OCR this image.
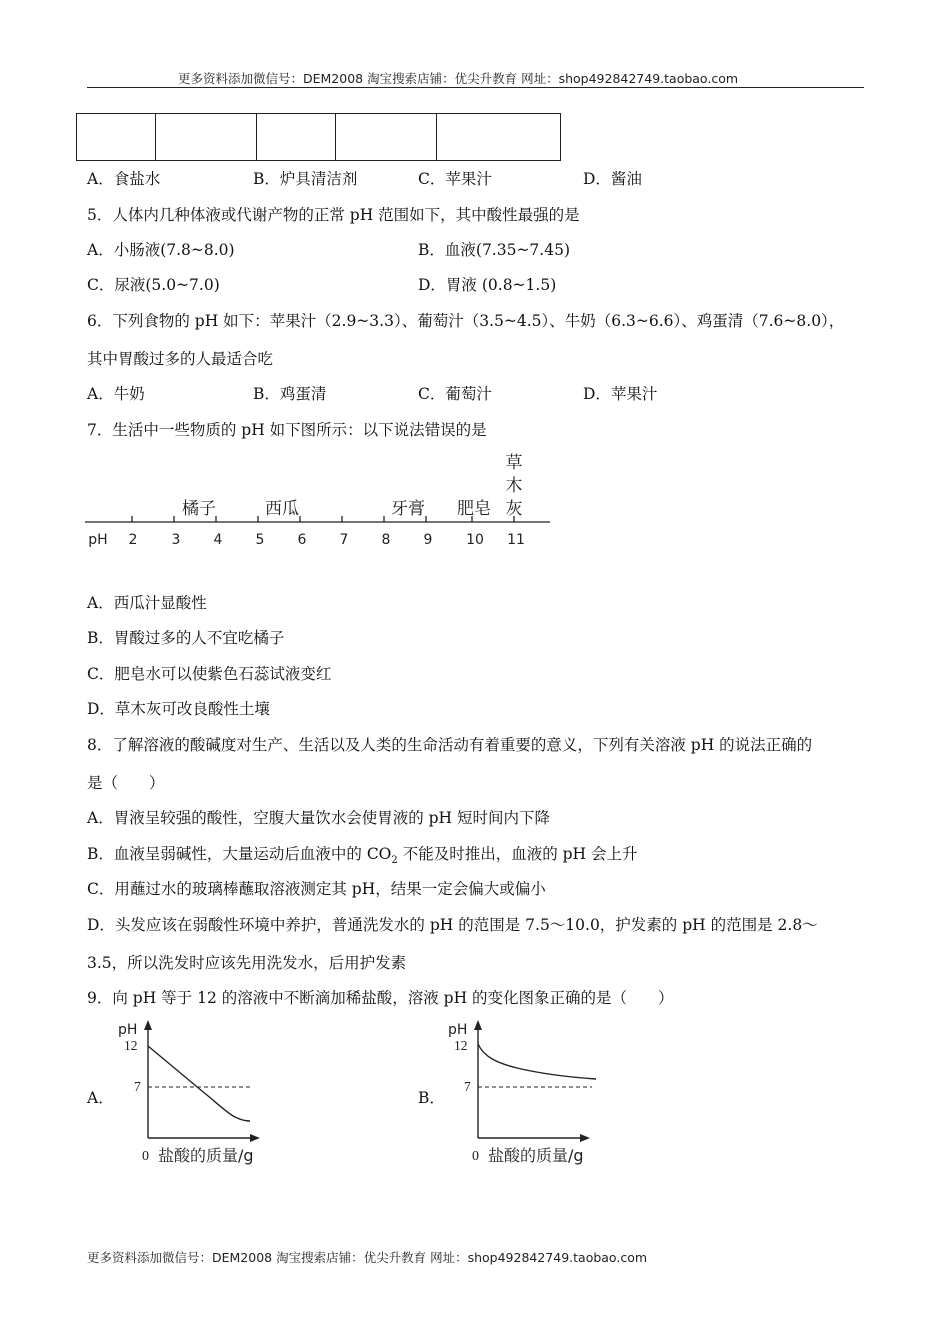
更多资料添加微信号：DEM2008 淘宝搜索店铺：优尖升教育 网址：shop492842749.taobao.com

A．食盐水	B．炉具清洁剂	C．苹果汁	D．酱油
5．人体内几种体液或代谢产物的正常 pH 范围如下，其中酸性最强的是
A．小肠液(7.8~8.0)	B．血液(7.35~7.45)
C．尿液(5.0~7.0)	D．胃液 (0.8~1.5)
6．下列食物的 pH 如下：苹果汁（2.9~3.3）、葡萄汁（3.5~4.5）、牛奶（6.3~6.6）、鸡蛋清（7.6~8.0），
其中胃酸过多的人最适合吃
A．牛奶	B．鸡蛋清	C．葡萄汁	D．苹果汁
7．生活中一些物质的 pH 如下图所示：以下说法错误的是
pH 2 3 4 5 6 7 8 9 10 11
橘子	西瓜	牙膏 肥皂
草
木
灰
A．西瓜汁显酸性
B．胃酸过多的人不宜吃橘子
C．肥皂水可以使紫色石蕊试液变红
D．草木灰可改良酸性土壤
8．了解溶液的酸碱度对生产、生活以及人类的生命活动有着重要的意义，下列有关溶液 pH 的说法正确的
是（　　）
A．胃液呈较强的酸性，空腹大量饮水会使胃液的 pH 短时间内下降
B．血液呈弱碱性，大量运动后血液中的 $CO_2$ 不能及时推出，血液的 pH 会上升
C．用蘸过水的玻璃棒蘸取溶液测定其 pH，结果一定会偏大或偏小
D．头发应该在弱酸性环境中养护，普通洗发水的 pH 的范围是 7.5～10.0，护发素的 pH 的范围是 2.8～
3.5，所以洗发时应该先用洗发水，后用护发素
9．向 pH 等于 12 的溶液中不断滴加稀盐酸，溶液 pH 的变化图象正确的是（　　）
A．
pH
12
7
0 盐酸的质量/g
B．
pH
12
7
0 盐酸的质量/g
更多资料添加微信号：DEM2008 淘宝搜索店铺：优尖升教育 网址：shop492842749.taobao.com
